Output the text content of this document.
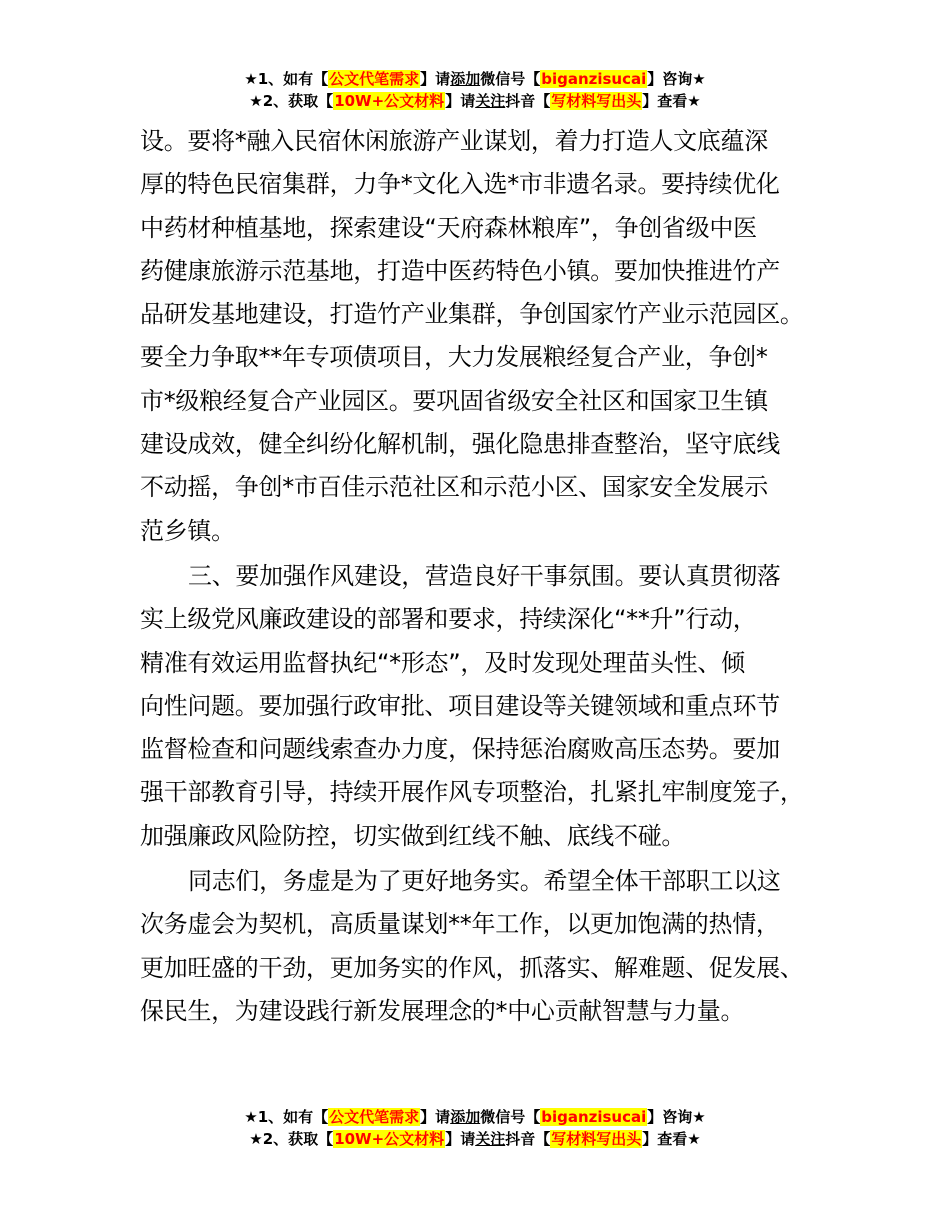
★1、如有【公文代笔需求】请添加微信号【biganzisucai】咨询★
★2、获取【10W+公文材料】请关注抖音【写材料写出头】查看★
设。要将*融入民宿休闲旅游产业谋划，着力打造人文底蕴深
厚的特色民宿集群，力争*文化入选*市非遗名录。要持续优化
中药材种植基地，探索建设“天府森林粮库”，争创省级中医
药健康旅游示范基地，打造中医药特色小镇。要加快推进竹产
品研发基地建设，打造竹产业集群，争创国家竹产业示范园区。
要全力争取**年专项债项目，大力发展粮经复合产业，争创*
市*级粮经复合产业园区。要巩固省级安全社区和国家卫生镇
建设成效，健全纠纷化解机制，强化隐患排查整治，坚守底线
不动摇，争创*市百佳示范社区和示范小区、国家安全发展示
范乡镇。
三、要加强作风建设，营造良好干事氛围。要认真贯彻落
实上级党风廉政建设的部署和要求，持续深化“**升”行动，
精准有效运用监督执纪“*形态”，及时发现处理苗头性、倾
向性问题。要加强行政审批、项目建设等关键领域和重点环节
监督检查和问题线索查办力度，保持惩治腐败高压态势。要加
强干部教育引导，持续开展作风专项整治，扎紧扎牢制度笼子，
加强廉政风险防控，切实做到红线不触、底线不碰。
同志们，务虚是为了更好地务实。希望全体干部职工以这
次务虚会为契机，高质量谋划**年工作，以更加饱满的热情，
更加旺盛的干劲，更加务实的作风，抓落实、解难题、促发展、
保民生，为建设践行新发展理念的*中心贡献智慧与力量。
★1、如有【公文代笔需求】请添加微信号【biganzisucai】咨询★
★2、获取【10W+公文材料】请关注抖音【写材料写出头】查看★
